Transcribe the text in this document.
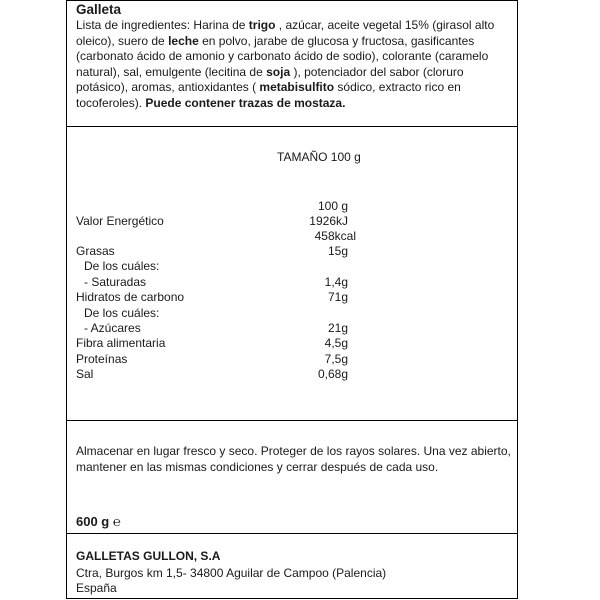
Galleta
Lista de ingredientes: Harina de trigo , azúcar, aceite vegetal 15% (girasol alto oleico), suero de leche en polvo, jarabe de glucosa y fructosa, gasificantes (carbonato ácido de amonio y carbonato ácido de sodio), colorante (caramelo natural), sal, emulgente (lecitina de soja ), potenciador del sabor (cloruro potásico), aromas, antioxidantes ( metabisulfito sódico, extracto rico en tocoferoles). Puede contener trazas de mostaza.
TAMAÑO 100 g
100 g
Valor Energético	1926kJ
458kcal
Grasas	15g
De los cuáles:
- Saturadas	1,4g
Hidratos de carbono	71g
De los cuáles:
- Azúcares	21g
Fibra alimentaria	4,5g
Proteínas	7,5g
Sal	0,68g
Almacenar en lugar fresco y seco. Proteger de los rayos solares. Una vez abierto,
mantener en las mismas condiciones y cerrar después de cada uso.
600 g ℮
GALLETAS GULLON, S.A
Ctra, Burgos km 1,5- 34800 Aguilar de Campoo (Palencia)
España
